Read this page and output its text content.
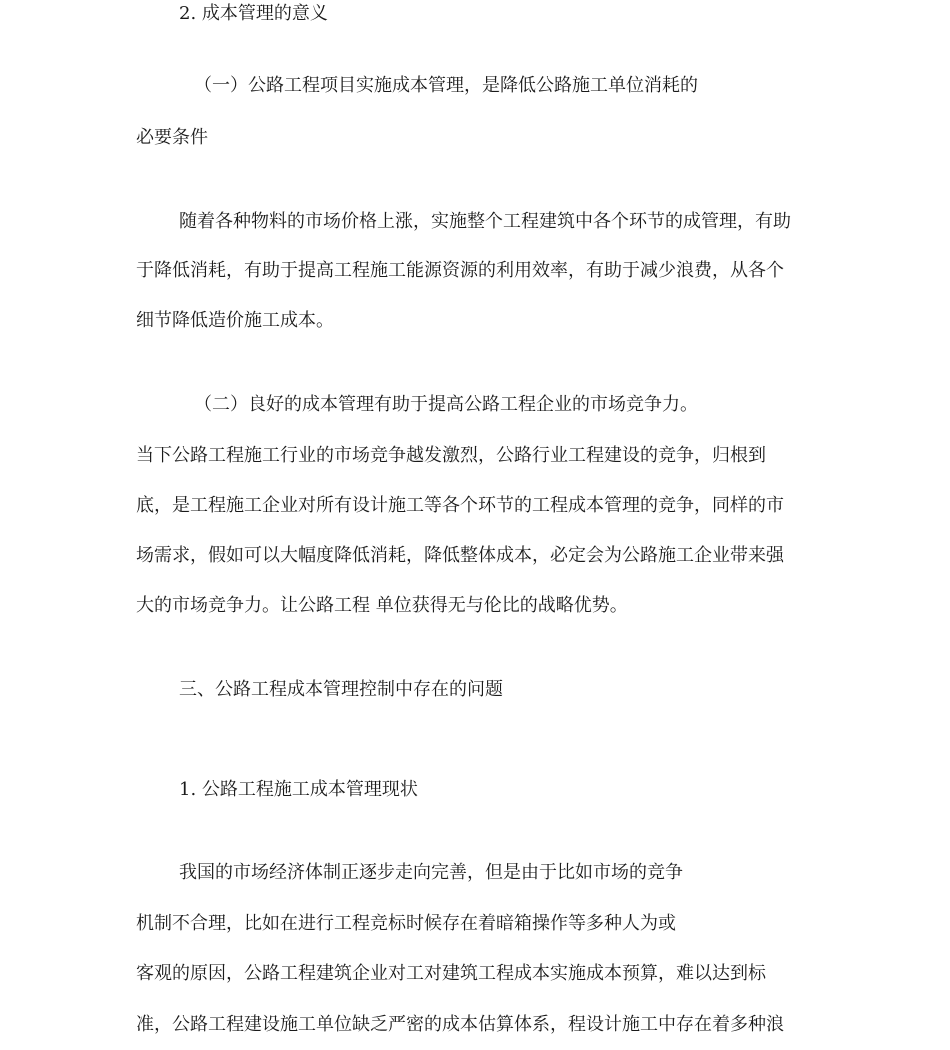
2. 成本管理的意义
（一）公路工程项目实施成本管理，是降低公路施工单位消耗的
必要条件
随着各种物料的市场价格上涨，实施整个工程建筑中各个环节的成管理，有助
于降低消耗，有助于提高工程施工能源资源的利用效率，有助于减少浪费，从各个
细节降低造价施工成本。
（二）良好的成本管理有助于提高公路工程企业的市场竞争力。
当下公路工程施工行业的市场竞争越发激烈，公路行业工程建设的竞争，归根到
底，是工程施工企业对所有设计施工等各个环节的工程成本管理的竞争，同样的市
场需求，假如可以大幅度降低消耗，降低整体成本，必定会为公路施工企业带来强
大的市场竞争力。让公路工程 单位获得无与伦比的战略优势。
三、公路工程成本管理控制中存在的问题
1. 公路工程施工成本管理现状
我国的市场经济体制正逐步走向完善，但是由于比如市场的竞争
机制不合理，比如在进行工程竞标时候存在着暗箱操作等多种人为或
客观的原因，公路工程建筑企业对工对建筑工程成本实施成本预算，难以达到标
准，公路工程建设施工单位缺乏严密的成本估算体系，程设计施工中存在着多种浪
